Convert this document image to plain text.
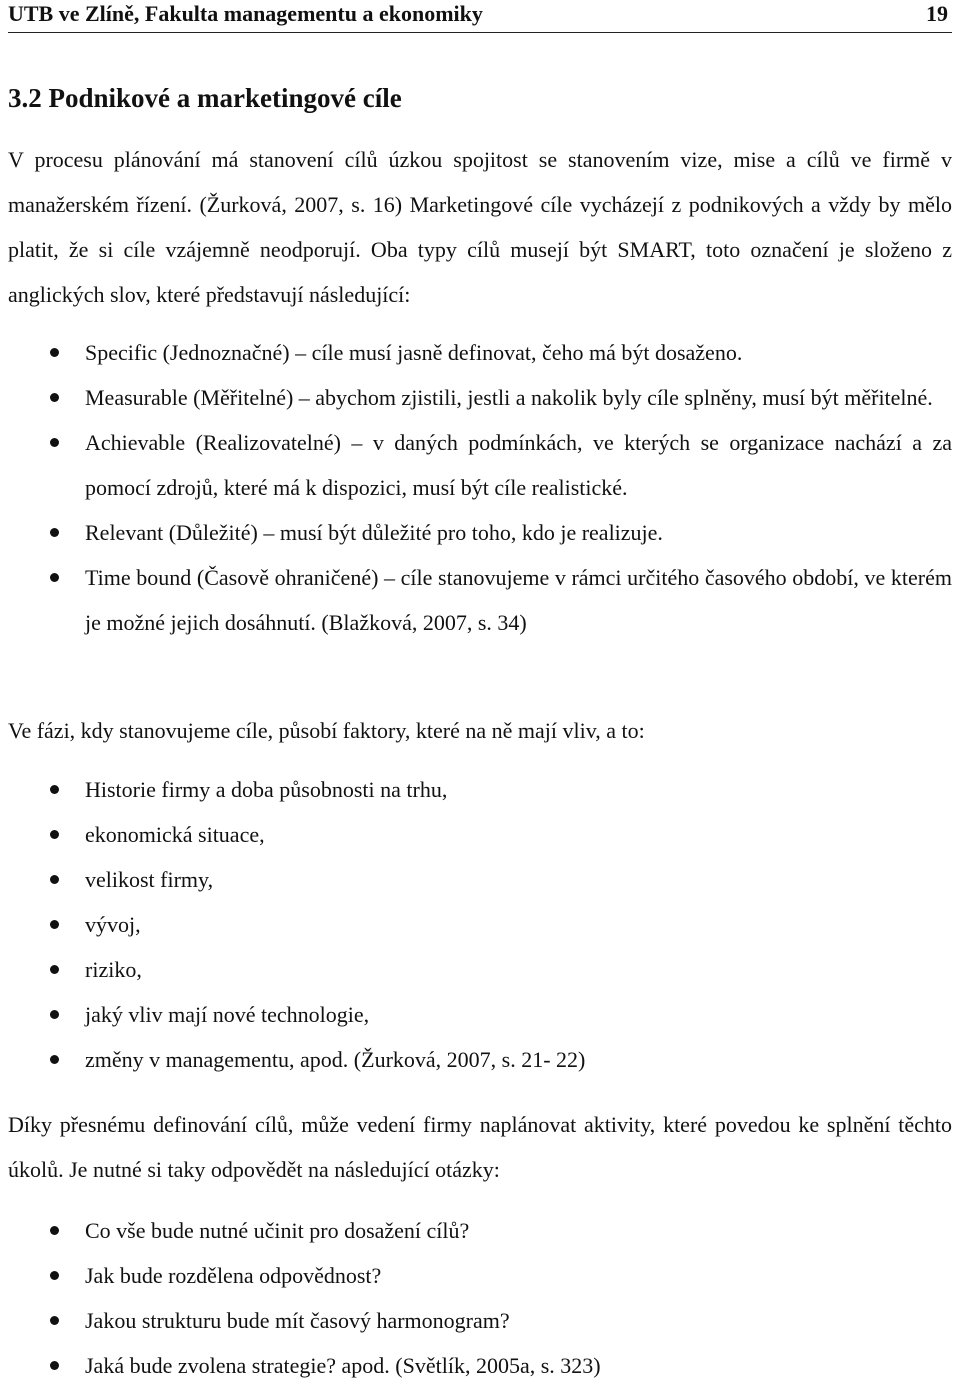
UTB ve Zlíně, Fakulta managementu a ekonomiky	19
3.2 Podnikové a marketingové cíle

V procesu plánování má stanovení cílů úzkou spojitost se stanovením vize, mise a cílů ve firmě v manažerském řízení. (Žurková, 2007, s. 16) Marketingové cíle vycházejí z podnikových a vždy by mělo platit, že si cíle vzájemně neodporují. Oba typy cílů musejí být SMART, toto označení je složeno z anglických slov, které představují následující:

Specific (Jednoznačné) – cíle musí jasně definovat, čeho má být dosaženo.
Measurable (Měřitelné) – abychom zjistili, jestli a nakolik byly cíle splněny, musí být měřitelné.
Achievable (Realizovatelné) – v daných podmínkách, ve kterých se organizace nachází a za pomocí zdrojů, které má k dispozici, musí být cíle realistické.
Relevant (Důležité) – musí být důležité pro toho, kdo je realizuje.
Time bound (Časově ohraničené) – cíle stanovujeme v rámci určitého časového období, ve kterém je možné jejich dosáhnutí. (Blažková, 2007, s. 34)

Ve fázi, kdy stanovujeme cíle, působí faktory, které na ně mají vliv, a to:

Historie firmy a doba působnosti na trhu,
ekonomická situace,
velikost firmy,
vývoj,
riziko,
jaký vliv mají nové technologie,
změny v managementu, apod. (Žurková, 2007, s. 21- 22)

Díky přesnému definování cílů, může vedení firmy naplánovat aktivity, které povedou ke splnění těchto úkolů. Je nutné si taky odpovědět na následující otázky:

Co vše bude nutné učinit pro dosažení cílů?
Jak bude rozdělena odpovědnost?
Jakou strukturu bude mít časový harmonogram?
Jaká bude zvolena strategie? apod. (Světlík, 2005a, s. 323)
